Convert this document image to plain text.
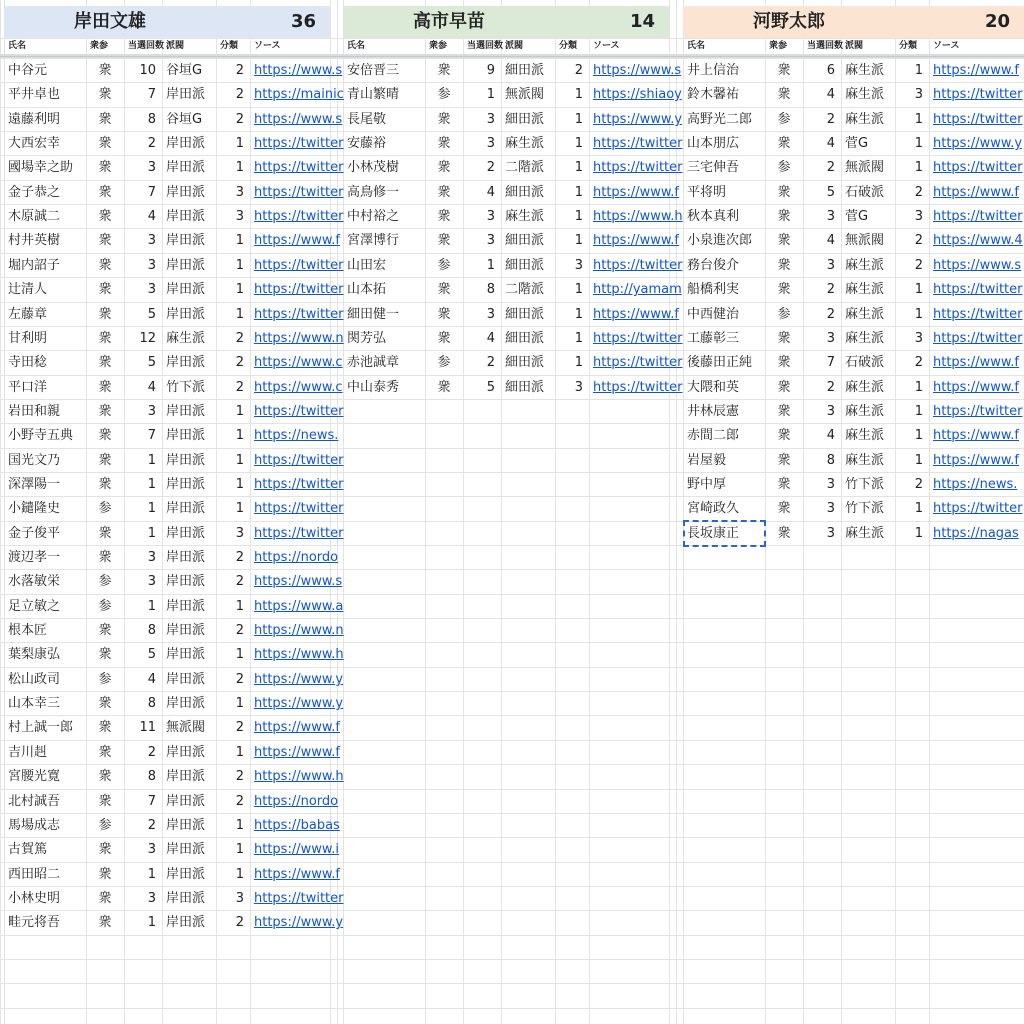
岸田文雄	36
氏名	衆参	当選回数 派閥	分類	ソース
中谷元	衆	10 谷垣G	2 https://www.s
平井卓也	衆	7 岸田派	2 https://mainic
遠藤利明	衆	8 谷垣G	2 https://www.s
大西宏幸	衆	2 岸田派	1 https://twitter
國場幸之助	衆	3 岸田派	1 https://twitter
金子恭之	衆	7 岸田派	3 https://twitter
木原誠二	衆	4 岸田派	3 https://twitter
村井英樹	衆	3 岸田派	1 https://www.f
堀内詔子	衆	3 岸田派	1 https://twitter
辻清人	衆	3 岸田派	1 https://twitter
左藤章	衆	5 岸田派	1 https://twitter
甘利明	衆	12 麻生派	2 https://www.n
寺田稔	衆	5 岸田派	2 https://www.c
平口洋	衆	4 竹下派	2 https://www.c
岩田和親	衆	3 岸田派	1 https://twitter
小野寺五典	衆	7 岸田派	1 https://news.
国光文乃	衆	1 岸田派	1 https://twitter
深澤陽一	衆	1 岸田派	1 https://twitter
小鑓隆史	参	1 岸田派	1 https://twitter
金子俊平	衆	1 岸田派	3 https://twitter
渡辺孝一	衆	3 岸田派	2 https://nordo
水落敏栄	参	3 岸田派	2 https://www.s
足立敏之	参	1 岸田派	1 https://www.a
根本匠	衆	8 岸田派	2 https://www.n
葉梨康弘	衆	5 岸田派	1 https://www.h
松山政司	参	4 岸田派	2 https://www.y
山本幸三	衆	8 岸田派	1 https://www.y
村上誠一郎	衆	11 無派閥	2 https://www.f
吉川赳	衆	2 岸田派	1 https://www.f
宮腰光寛	衆	8 岸田派	2 https://www.h
北村誠吾	衆	7 岸田派	2 https://nordo
馬場成志	参	2 岸田派	1 https://babas
古賀篤	衆	3 岸田派	1 https://www.i
西田昭二	衆	1 岸田派	1 https://www.f
小林史明	衆	3 岸田派	3 https://twitter
畦元将吾	衆	1 岸田派	2 https://www.y
高市早苗	14
氏名	衆参	当選回数 派閥	分類	ソース
安倍晋三	衆	9 細田派	2 https://www.s
青山繁晴	参	1 無派閥	1 https://shiaoy
長尾敬	衆	3 細田派	1 https://www.y
安藤裕	衆	3 麻生派	1 https://twitter
小林茂樹	衆	2 二階派	1 https://twitter
高鳥修一	衆	4 細田派	1 https://www.f
中村裕之	衆	3 麻生派	1 https://www.h
宮澤博行	衆	3 細田派	1 https://www.f
山田宏	参	1 細田派	3 https://twitter
山本拓	衆	8 二階派	1 http://yamam
細田健一	衆	3 細田派	1 https://www.f
関芳弘	衆	4 細田派	1 https://twitter
赤池誠章	参	2 細田派	1 https://twitter
中山泰秀	衆	5 細田派	3 https://twitter
河野太郎	20
氏名	衆参	当選回数 派閥	分類	ソース
井上信治	衆	6 麻生派	1 https://www.f
鈴木馨祐	衆	4 麻生派	3 https://twitter
高野光二郎	参	2 麻生派	1 https://twitter
山本朋広	衆	4 菅G	1 https://www.y
三宅伸吾	参	2 無派閥	1 https://twitter
平将明	衆	5 石破派	2 https://www.f
秋本真利	衆	3 菅G	3 https://twitter
小泉進次郎	衆	4 無派閥	2 https://www.4
務台俊介	衆	3 麻生派	2 https://www.s
船橋利実	衆	2 麻生派	1 https://twitter
中西健治	参	2 麻生派	1 https://twitter
工藤彰三	衆	3 麻生派	3 https://twitter
後藤田正純	衆	7 石破派	2 https://www.f
大隈和英	衆	2 麻生派	1 https://www.f
井林辰憲	衆	3 麻生派	1 https://twitter
赤間二郎	衆	4 麻生派	1 https://www.f
岩屋毅	衆	8 麻生派	1 https://www.f
野中厚	衆	3 竹下派	2 https://news.
宮崎政久	衆	3 竹下派	1 https://twitter
長坂康正	衆	3 麻生派	1 https://nagas
